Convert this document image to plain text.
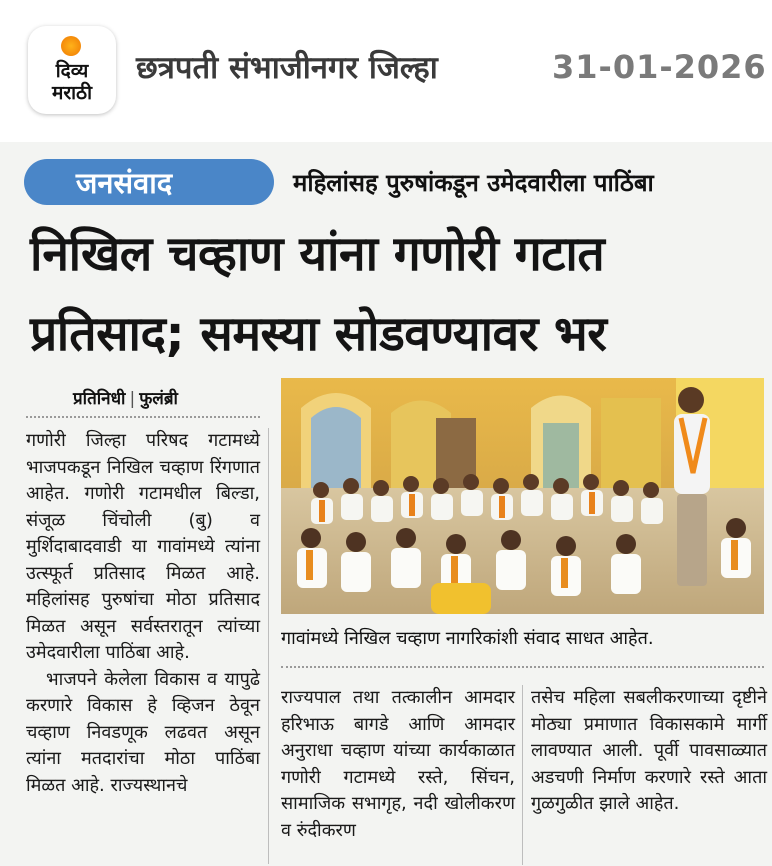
दिव्य
मराठी
छत्रपती संभाजीनगर जिल्हा	31-01-2026
जनसंवाद	महिलांसह पुरुषांकडून उमेदवारीला पाठिंबा
निखिल चव्हाण यांना गणोरी गटात
प्रतिसाद; समस्या सोडवण्यावर भर
प्रतिनिधी | फुलंब्री
गावांमध्ये निखिल चव्हाण नागरिकांशी संवाद साधत आहेत.

गणोरी जिल्हा परिषद गटामध्ये भाजपकडून निखिल चव्हाण रिंगणात आहेत. गणोरी गटामधील बिल्डा, संजूळ चिंचोली (बु) व मुर्शिदाबादवाडी या गावांमध्ये त्यांना उत्स्फूर्त प्रतिसाद मिळत आहे. महिलांसह पुरुषांचा मोठा प्रतिसाद मिळत असून सर्वस्तरातून त्यांच्या उमेदवारीला पाठिंबा आहे.

भाजपने केलेला विकास व यापुढे करणारे विकास हे व्हिजन ठेवून चव्हाण निवडणूक लढवत असून त्यांना मतदारांचा मोठा पाठिंबा मिळत आहे. राज्यस्थानचे

राज्यपाल तथा तत्कालीन आमदार हरिभाऊ बागडे आणि आमदार अनुराधा चव्हाण यांच्या कार्यकाळात गणोरी गटामध्ये रस्ते, सिंचन, सामाजिक सभागृह, नदी खोलीकरण व रुंदीकरण

तसेच महिला सबलीकरणाच्या दृष्टीने मोठ्या प्रमाणात विकासकामे मार्गी लावण्यात आली. पूर्वी पावसाळ्यात अडचणी निर्माण करणारे रस्ते आता गुळगुळीत झाले आहेत.
